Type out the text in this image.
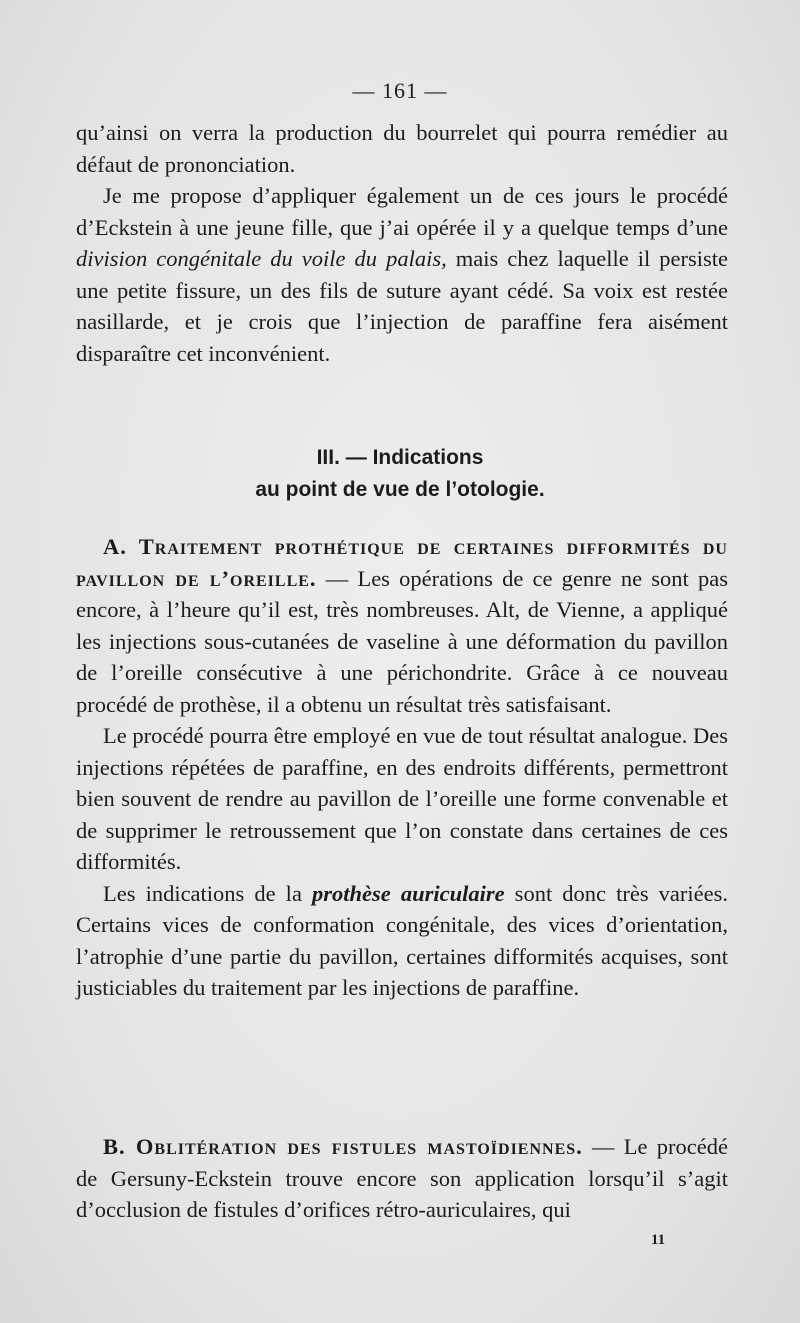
— 161 —

qu’ainsi on verra la production du bourrelet qui pourra remédier au défaut de prononciation.

Je me propose d’appliquer également un de ces jours le procédé d’Eckstein à une jeune fille, que j’ai opérée il y a quelque temps d’une division congénitale du voile du palais, mais chez laquelle il persiste une petite fissure, un des fils de suture ayant cédé. Sa voix est restée nasillarde, et je crois que l’injection de paraffine fera aisément disparaître cet inconvénient.

III. — Indications
au point de vue de l’otologie.

A. Traitement prothétique de certaines difformités du pavillon de l’oreille. — Les opérations de ce genre ne sont pas encore, à l’heure qu’il est, très nombreuses. Alt, de Vienne, a appliqué les injections sous-cutanées de vaseline à une déformation du pavillon de l’oreille consécutive à une périchondrite. Grâce à ce nouveau procédé de prothèse, il a obtenu un résultat très satisfaisant.

Le procédé pourra être employé en vue de tout résultat analogue. Des injections répétées de paraffine, en des endroits différents, permettront bien souvent de rendre au pavillon de l’oreille une forme convenable et de supprimer le retroussement que l’on constate dans certaines de ces difformités.

Les indications de la prothèse auriculaire sont donc très variées. Certains vices de conformation congénitale, des vices d’orientation, l’atrophie d’une partie du pavillon, certaines difformités acquises, sont justiciables du traitement par les injections de paraffine.

B. Oblitération des fistules mastoïdiennes. — Le procédé de Gersuny-Eckstein trouve encore son application lorsqu’il s’agit d’occlusion de fistules d’orifices rétro-auriculaires, qui

11
